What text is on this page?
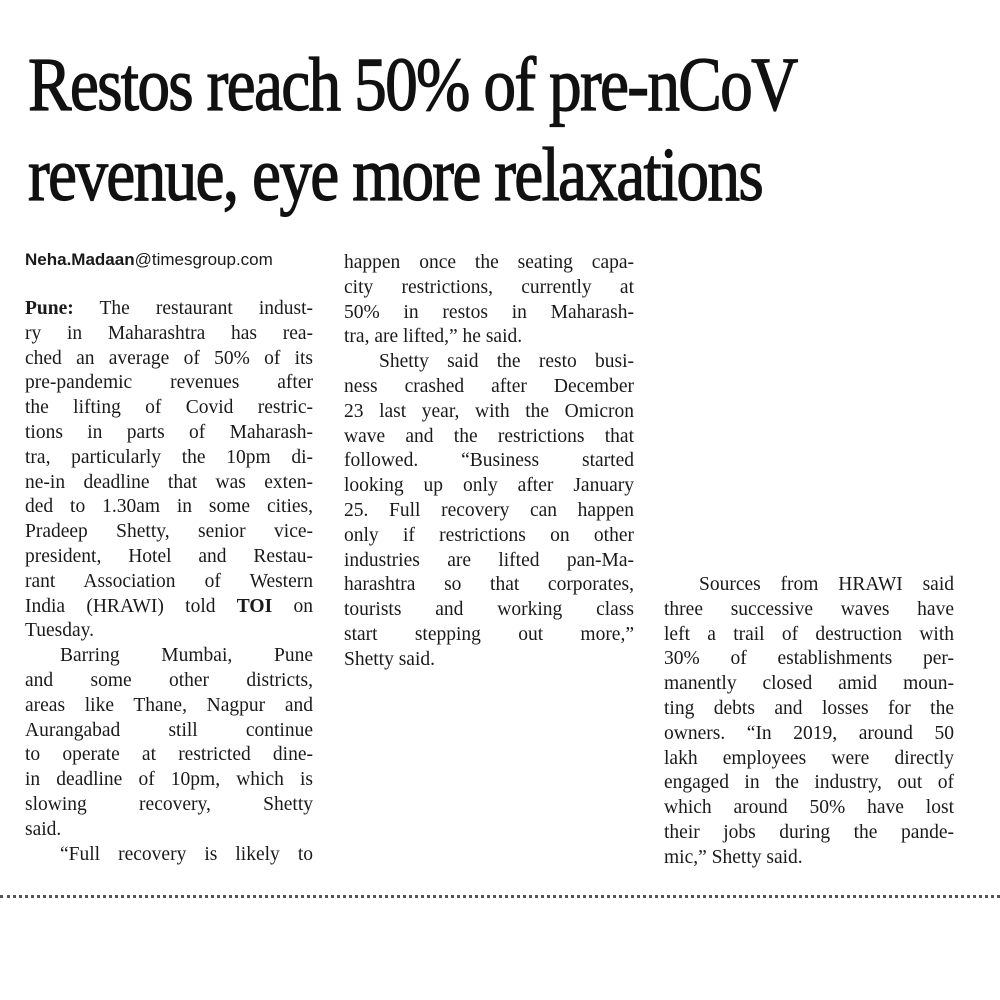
Restos reach 50% of pre-nCoV
revenue, eye more relaxations
Neha.Madaan@timesgroup.com
Pune: The restaurant indust-
ry in Maharashtra has rea-
ched an average of 50% of its
pre-pandemic revenues after
the lifting of Covid restric-
tions in parts of Maharash-
tra, particularly the 10pm di-
ne-in deadline that was exten-
ded to 1.30am in some cities,
Pradeep Shetty, senior vice-
president, Hotel and Restau-
rant Association of Western
India (HRAWI) told TOI on
Tuesday.
Barring Mumbai, Pune
and some other districts,
areas like Thane, Nagpur and
Aurangabad still continue
to operate at restricted dine-
in deadline of 10pm, which is
slowing recovery, Shetty
said.
“Full recovery is likely to
happen once the seating capa-
city restrictions, currently at
50% in restos in Maharash-
tra, are lifted,” he said.
Shetty said the resto busi-
ness crashed after December
23 last year, with the Omicron
wave and the restrictions that
followed. “Business started
looking up only after January
25. Full recovery can happen
only if restrictions on other
industries are lifted pan-Ma-
harashtra so that corporates,
tourists and working class
start stepping out more,”
Shetty said.
Sources from HRAWI said
three successive waves have
left a trail of destruction with
30% of establishments per-
manently closed amid moun-
ting debts and losses for the
owners. “In 2019, around 50
lakh employees were directly
engaged in the industry, out of
which around 50% have lost
their jobs during the pande-
mic,” Shetty said.
